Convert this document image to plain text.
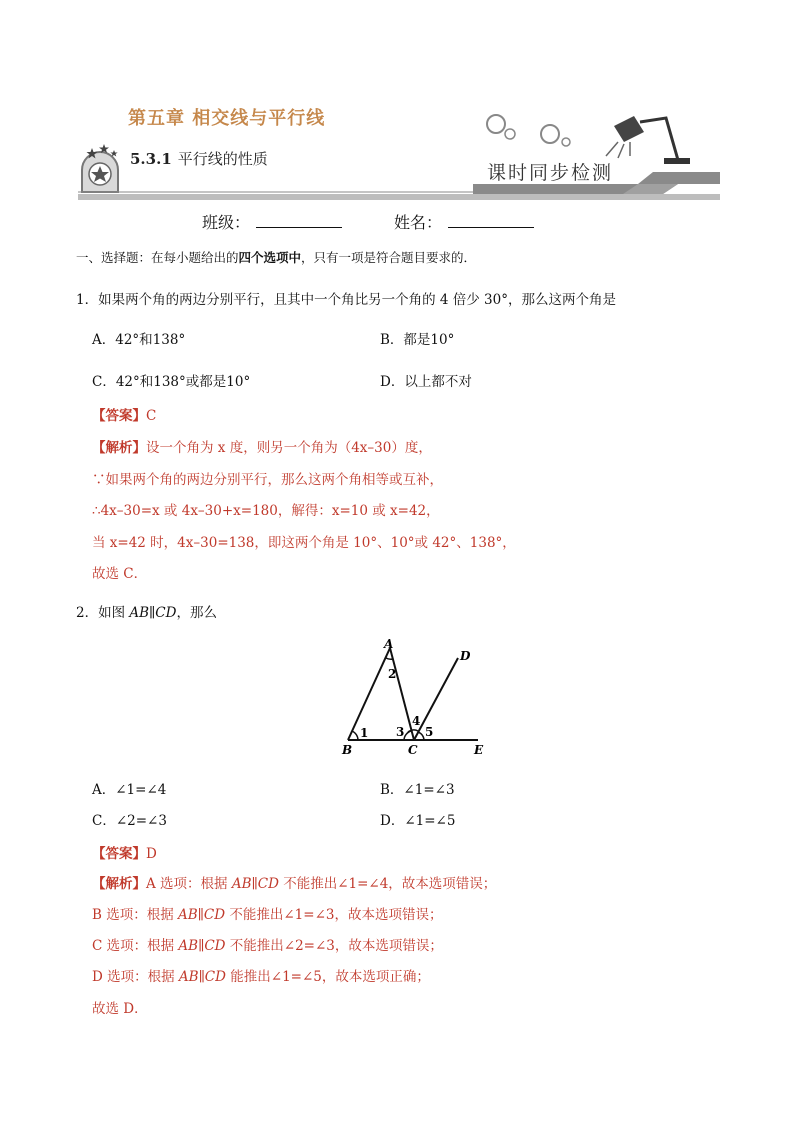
第五章 相交线与平行线
5.3.1 平行线的性质
课时同步检测
班级：	姓名：
一、选择题：在每小题给出的四个选项中，只有一项是符合题目要求的．
1．如果两个角的两边分别平行，且其中一个角比另一个角的 4 倍少 30°，那么这两个角是
A．42°和138°	B．都是10°
C．42°和138°或都是10°	D．以上都不对
【答案】C
【解析】设一个角为 x 度，则另一个角为（4x–30）度，
∵如果两个角的两边分别平行，那么这两个角相等或互补，
∴4x–30=x 或 4x–30+x=180，解得：x=10 或 x=42，
当 x=42 时，4x–30=138，即这两个角是 10°、10°或 42°、138°，
故选 C．
2．如图 AB∥CD，那么
A
B	C
D
E
1
2
3
4
5
A．∠1=∠4	B．∠1=∠3
C．∠2=∠3	D．∠1=∠5
【答案】D
【解析】A 选项：根据 AB∥CD 不能推出∠1=∠4，故本选项错误；
B 选项：根据 AB∥CD 不能推出∠1=∠3，故本选项错误；
C 选项：根据 AB∥CD 不能推出∠2=∠3，故本选项错误；
D 选项：根据 AB∥CD 能推出∠1=∠5，故本选项正确；
故选 D．
